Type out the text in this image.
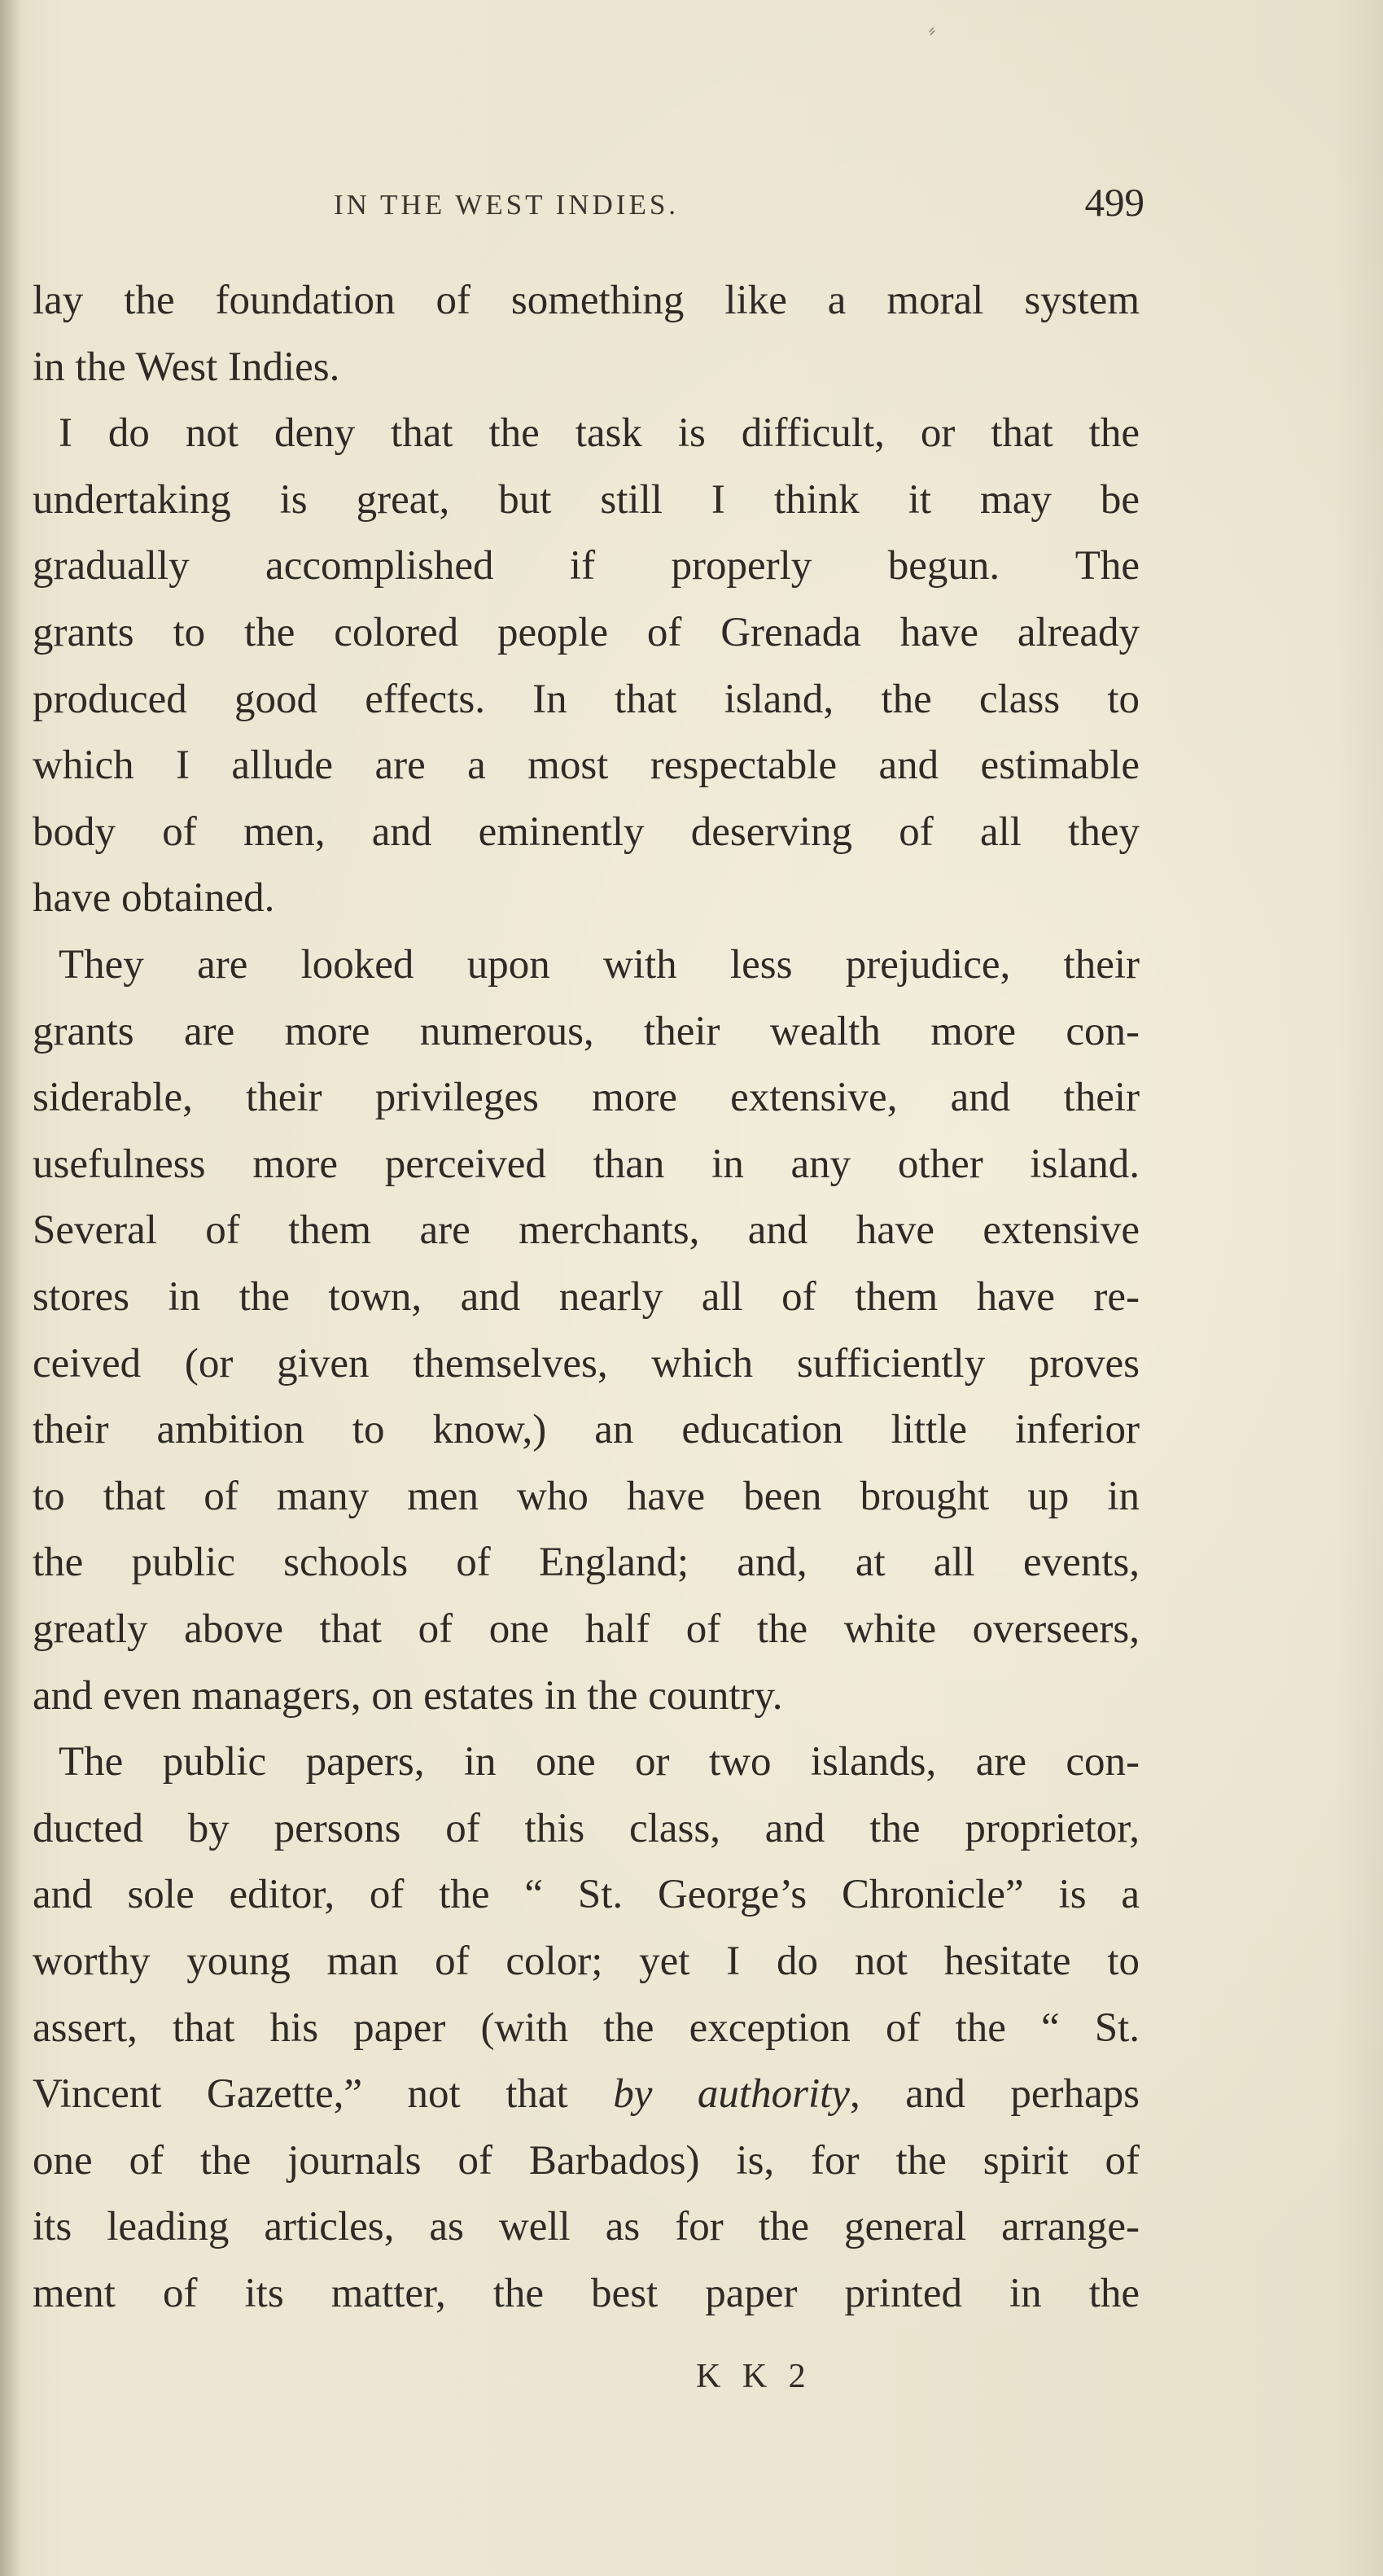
⸗
IN THE WEST INDIES.	499
lay the foundation of something like a moral system
in the West Indies.
I do not deny that the task is difficult, or that the
undertaking is great, but still I think it may be
gradually accomplished if properly begun. The
grants to the colored people of Grenada have already
produced good effects. In that island, the class to
which I allude are a most respectable and estimable
body of men, and eminently deserving of all they
have obtained.
They are looked upon with less prejudice, their
grants are more numerous, their wealth more con-
siderable, their privileges more extensive, and their
usefulness more perceived than in any other island.
Several of them are merchants, and have extensive
stores in the town, and nearly all of them have re-
ceived (or given themselves, which sufficiently proves
their ambition to know,) an education little inferior
to that of many men who have been brought up in
the public schools of England; and, at all events,
greatly above that of one half of the white overseers,
and even managers, on estates in the country.
The public papers, in one or two islands, are con-
ducted by persons of this class, and the proprietor,
and sole editor, of the “ St. George’s Chronicle” is a
worthy young man of color; yet I do not hesitate to
assert, that his paper (with the exception of the “ St.
Vincent Gazette,” not that by authority, and perhaps
one of the journals of Barbados) is, for the spirit of
its leading articles, as well as for the general arrange-
ment of its matter, the best paper printed in the
K K 2
